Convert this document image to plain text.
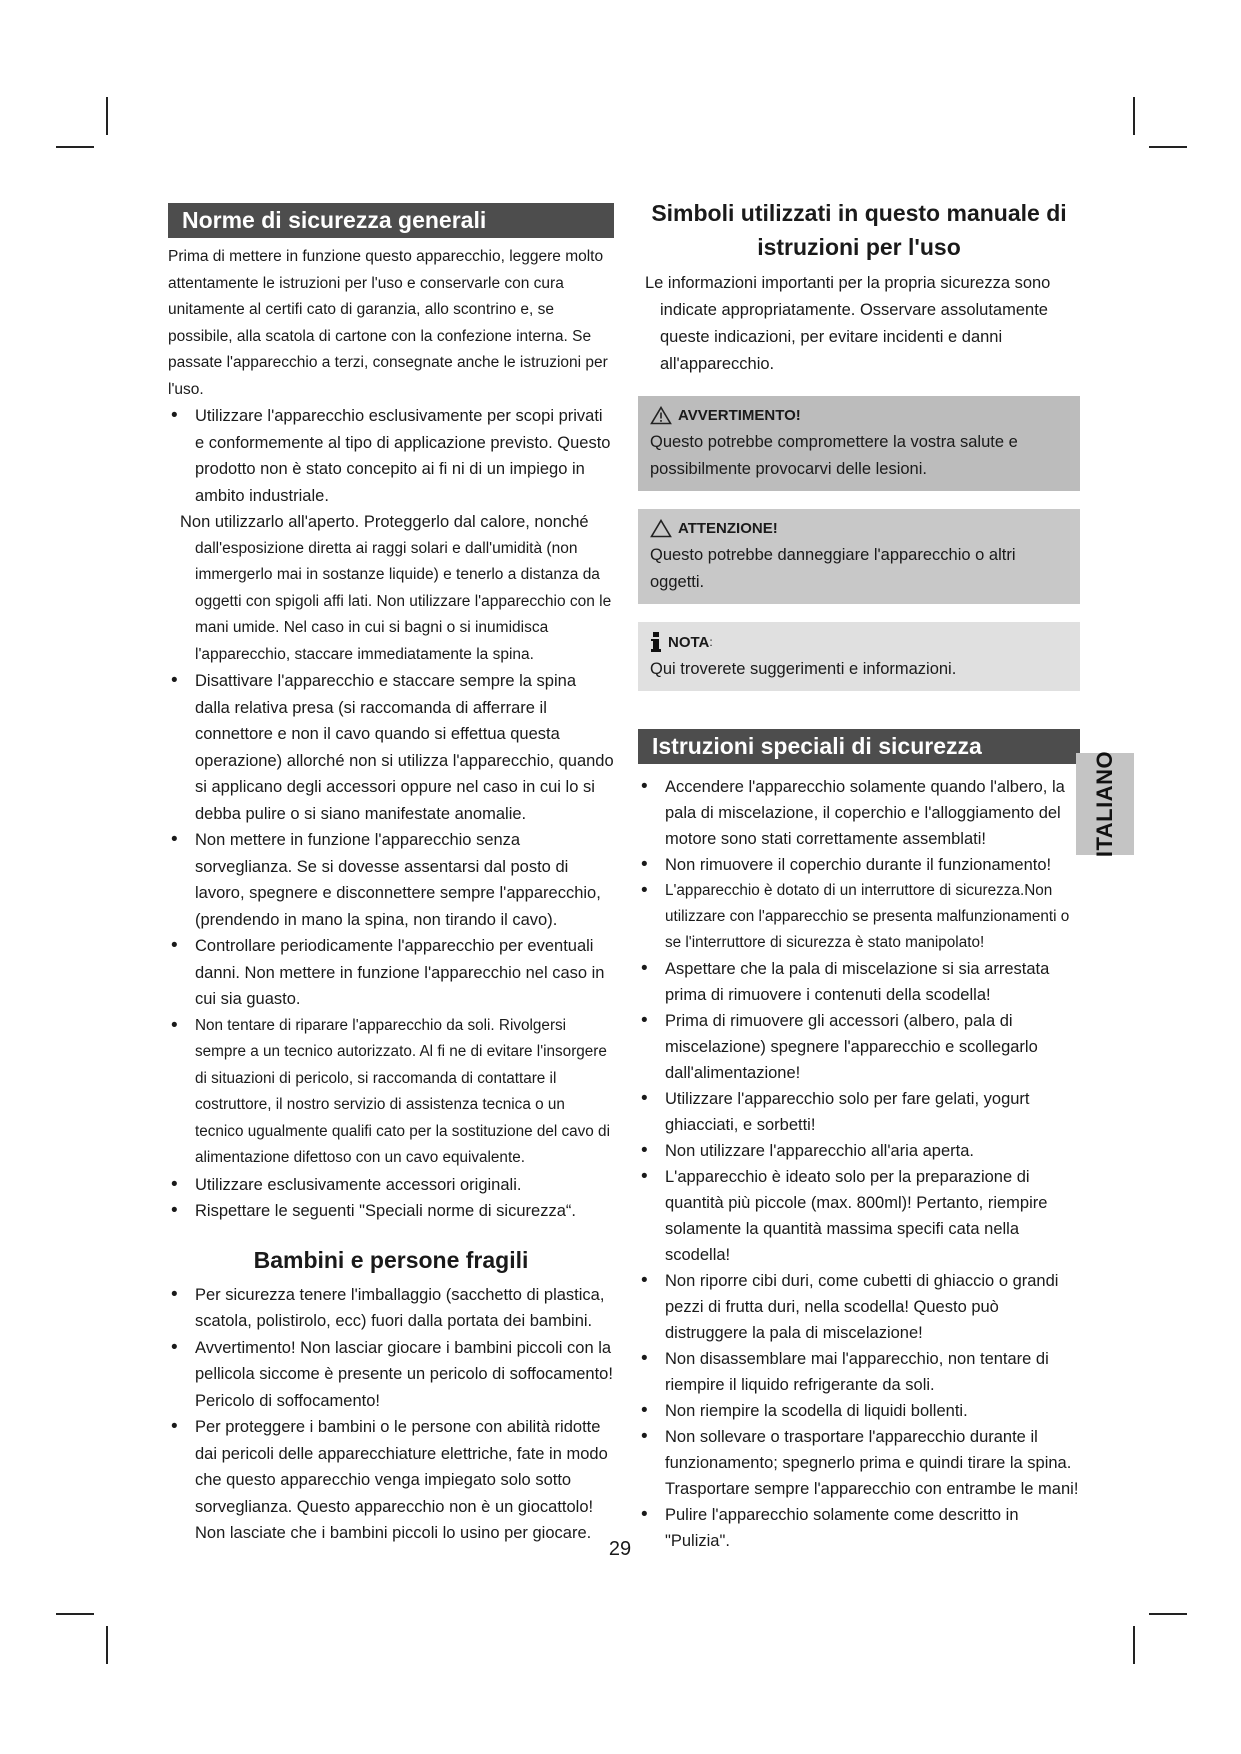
Norme di sicurezza generali

Prima di mettere in funzione questo apparecchio, leggere molto attentamente le istruzioni per l'uso e conservarle con cura unitamente al certifi cato di garanzia, allo scontrino e, se possibile, alla scatola di cartone con la confezione interna. Se passate l'apparecchio a terzi, consegnate anche le istruzioni per l'uso.

• Utilizzare l'apparecchio esclusivamente per scopi privati e conformemente al tipo di applicazione previsto. Questo prodotto non è stato concepito ai fi ni di un impiego in ambito industriale.
Non utilizzarlo all'aperto. Proteggerlo dal calore, nonché
dall'esposizione diretta ai raggi solari e dall'umidità (non immergerlo mai in sostanze liquide) e tenerlo a distanza da oggetti con spigoli affi lati. Non utilizzare l'apparecchio con le mani umide. Nel caso in cui si bagni o si inumidisca l'apparecchio, staccare immediatamente la spina.
• Disattivare l'apparecchio e staccare sempre la spina dalla relativa presa (si raccomanda di afferrare il connettore e non il cavo quando si effettua questa operazione) allorché non si utilizza l'apparecchio, quando si applicano degli accessori oppure nel caso in cui lo si debba pulire o si siano manifestate anomalie.
• Non mettere in funzione l'apparecchio senza sorveglianza. Se si dovesse assentarsi dal posto di lavoro, spegnere e disconnettere sempre l'apparecchio, (prendendo in mano la spina, non tirando il cavo).
• Controllare periodicamente l'apparecchio per eventuali danni. Non mettere in funzione l'apparecchio nel caso in cui sia guasto.
• Non tentare di riparare l'apparecchio da soli. Rivolgersi sempre a un tecnico autorizzato. Al fi ne di evitare l'insorgere di situazioni di pericolo, si raccomanda di contattare il costruttore, il nostro servizio di assistenza tecnica o un tecnico ugualmente qualifi cato per la sostituzione del cavo di alimentazione difettoso con un cavo equivalente.
• Utilizzare esclusivamente accessori originali.
• Rispettare le seguenti "Speciali norme di sicurezza“.
Bambini e persone fragili
• Per sicurezza tenere l'imballaggio (sacchetto di plastica, scatola, polistirolo, ecc) fuori dalla portata dei bambini.
• Avvertimento! Non lasciar giocare i bambini piccoli con la pellicola siccome è presente un pericolo di soffocamento! Pericolo di soffocamento!
• Per proteggere i bambini o le persone con abilità ridotte dai pericoli delle apparecchiature elettriche, fate in modo che questo apparecchio venga impiegato solo sotto sorveglianza. Questo apparecchio non è un giocattolo! Non lasciate che i bambini piccoli lo usino per giocare.
Simboli utilizzati in questo manuale di istruzioni per l'uso
Le informazioni importanti per la propria sicurezza sono
indicate appropriatamente. Osservare assolutamente queste indicazioni, per evitare incidenti e danni all'apparecchio.
AVVERTIMENTO!
Questo potrebbe compromettere la vostra salute e possibilmente provocarvi delle lesioni.
ATTENZIONE!
Questo potrebbe danneggiare l'apparecchio o altri oggetti.
NOTA :
Qui troverete suggerimenti e informazioni.
Istruzioni speciali di sicurezza
• Accendere l'apparecchio solamente quando l'albero, la pala di miscelazione, il coperchio e l'alloggiamento del motore sono stati correttamente assemblati!
• Non rimuovere il coperchio durante il funzionamento!
• L'apparecchio è dotato di un interruttore di sicurezza.Non utilizzare con l'apparecchio se presenta malfunzionamenti o se l'interruttore di sicurezza è stato manipolato!
• Aspettare che la pala di miscelazione si sia arrestata prima di rimuovere i contenuti della scodella!
• Prima di rimuovere gli accessori (albero, pala di miscelazione) spegnere l'apparecchio e scollegarlo dall'alimentazione!
• Utilizzare l'apparecchio solo per fare gelati, yogurt ghiacciati, e sorbetti!
• Non utilizzare l'apparecchio all'aria aperta.
• L'apparecchio è ideato solo per la preparazione di quantità più piccole (max. 800ml)! Pertanto, riempire solamente la quantità massima specifi cata nella scodella!
• Non riporre cibi duri, come cubetti di ghiaccio o grandi pezzi di frutta duri, nella scodella! Questo può distruggere la pala di miscelazione!
• Non disassemblare mai l'apparecchio, non tentare di riempire il liquido refrigerante da soli.
• Non riempire la scodella di liquidi bollenti.
• Non sollevare o trasportare l'apparecchio durante il funzionamento; spegnerlo prima e quindi tirare la spina. Trasportare sempre l'apparecchio con entrambe le mani!
• Pulire l'apparecchio solamente come descritto in "Pulizia".
ITALIANO
29
